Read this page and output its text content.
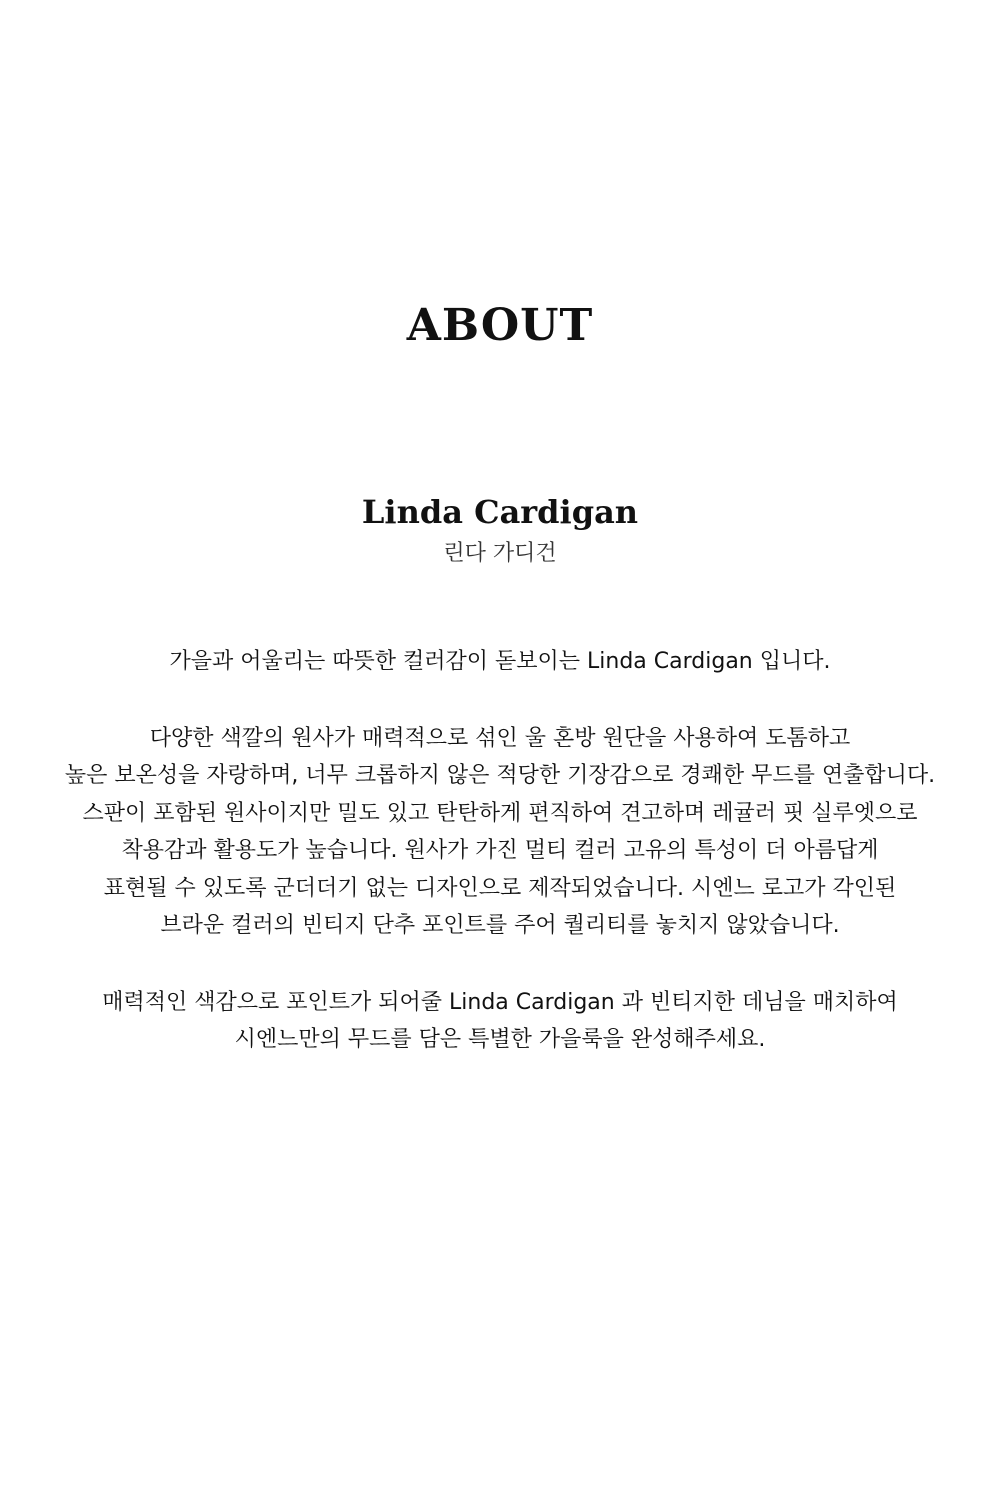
ABOUT
Linda Cardigan

린다 가디건

가을과 어울리는 따뜻한 컬러감이 돋보이는 Linda Cardigan 입니다.

다양한 색깔의 원사가 매력적으로 섞인 울 혼방 원단을 사용하여 도톰하고
높은 보온성을 자랑하며, 너무 크롭하지 않은 적당한 기장감으로 경쾌한 무드를 연출합니다.
스판이 포함된 원사이지만 밀도 있고 탄탄하게 편직하여 견고하며 레귤러 핏 실루엣으로
착용감과 활용도가 높습니다. 원사가 가진 멀티 컬러 고유의 특성이 더 아름답게
표현될 수 있도록 군더더기 없는 디자인으로 제작되었습니다. 시엔느 로고가 각인된
브라운 컬러의 빈티지 단추 포인트를 주어 퀄리티를 놓치지 않았습니다.

매력적인 색감으로 포인트가 되어줄 Linda Cardigan 과 빈티지한 데님을 매치하여
시엔느만의 무드를 담은 특별한 가을룩을 완성해주세요.
